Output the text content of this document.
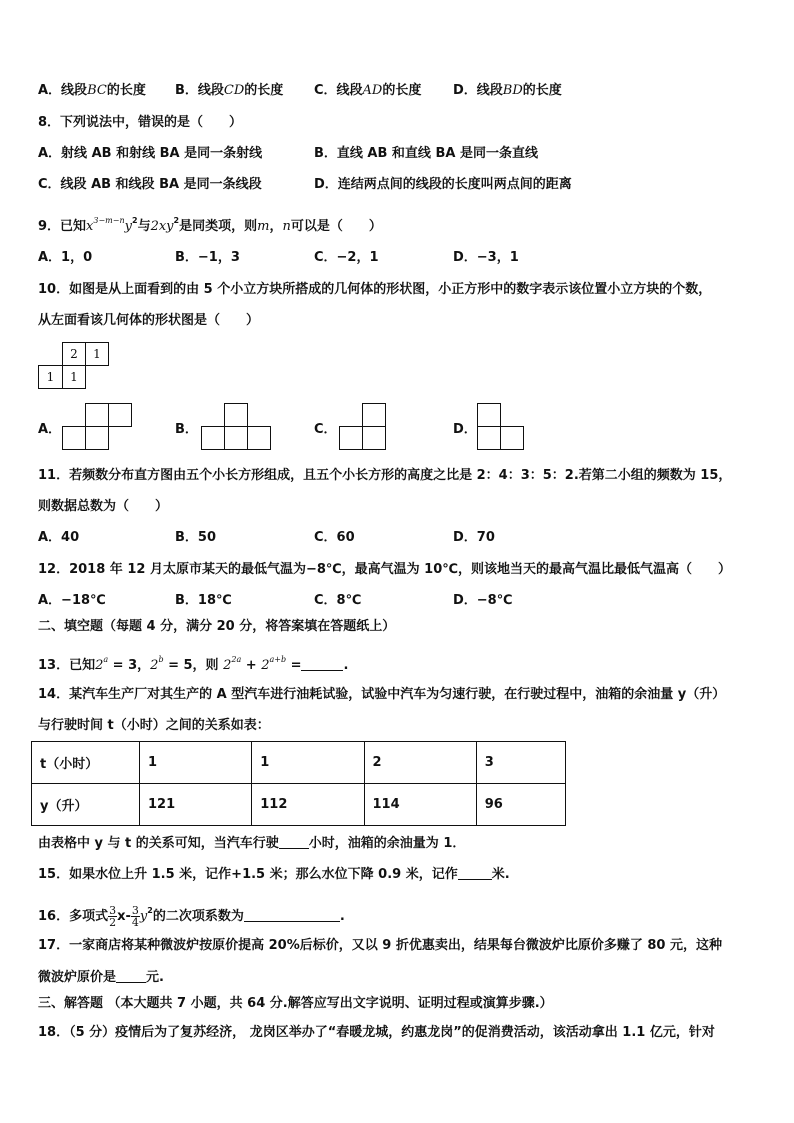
A．线段BC的长度 B．线段CD的长度 C．线段AD的长度 D．线段BD的长度
8．下列说法中，错误的是（　　）
A．射线 AB 和射线 BA 是同一条射线	B．直线 AB 和直线 BA 是同一条直线
C．线段 AB 和线段 BA 是同一条线段	D．连结两点间的线段的长度叫两点间的距离
9．已知$x^{3-m-n}y^2$与$2xy^2$是同类项，则m，n可以是（　　）
A．1，0	B．−1，3	C．−2，1	D．−3，1
10．如图是从上面看到的由 5 个小立方块所搭成的几何体的形状图，小正方形中的数字表示该位置小立方块的个数，
从左面看该几何体的形状图是（　　）
2	1
1	1
A．	B．	C．	D．
11．若频数分布直方图由五个小长方形组成，且五个小长方形的高度之比是 2：4：3：5：2.若第二小组的频数为 15，
则数据总数为（　　）
A．40	B．50	C．60	D．70
12．2018 年 12 月太原市某天的最低气温为−8℃，最高气温为 10℃，则该地当天的最高气温比最低气温高（　　）
A．−18℃	B．18℃	C．8℃	D．−8℃
二、填空题（每题 4 分，满分 20 分，将答案填在答题纸上）
13．已知$2^a = 3$，$2^b = 5$，则 $2^{2a} + 2^{a+b}$ =	.
14．某汽车生产厂对其生产的 A 型汽车进行油耗试验，试验中汽车为匀速行驶，在行驶过程中，油箱的余油量 y（升）
与行驶时间 t（小时）之间的关系如表：
t（小时）	1	1	2	3
y（升）	121	112	114	96
由表格中 y 与 t 的关系可知，当汽车行驶 小时，油箱的余油量为 1．
15．如果水位上升 1.5 米，记作+1.5 米；那么水位下降 0.9 米，记作	米.
16．多项式 $\frac{3}{2} x- \frac{3}{4} y^2$的二次项系数为	.
17．一家商店将某种微波炉按原价提高 20%后标价，又以 9 折优惠卖出，结果每台微波炉比原价多赚了 80 元，这种
微波炉原价是 元.
三、解答题 （本大题共 7 小题，共 64 分.解答应写出文字说明、证明过程或演算步骤.）
18．（5 分）疫情后为了复苏经济， 龙岗区举办了“春暖龙城，约惠龙岗”的促消费活动，该活动拿出 1.1 亿元，针对
